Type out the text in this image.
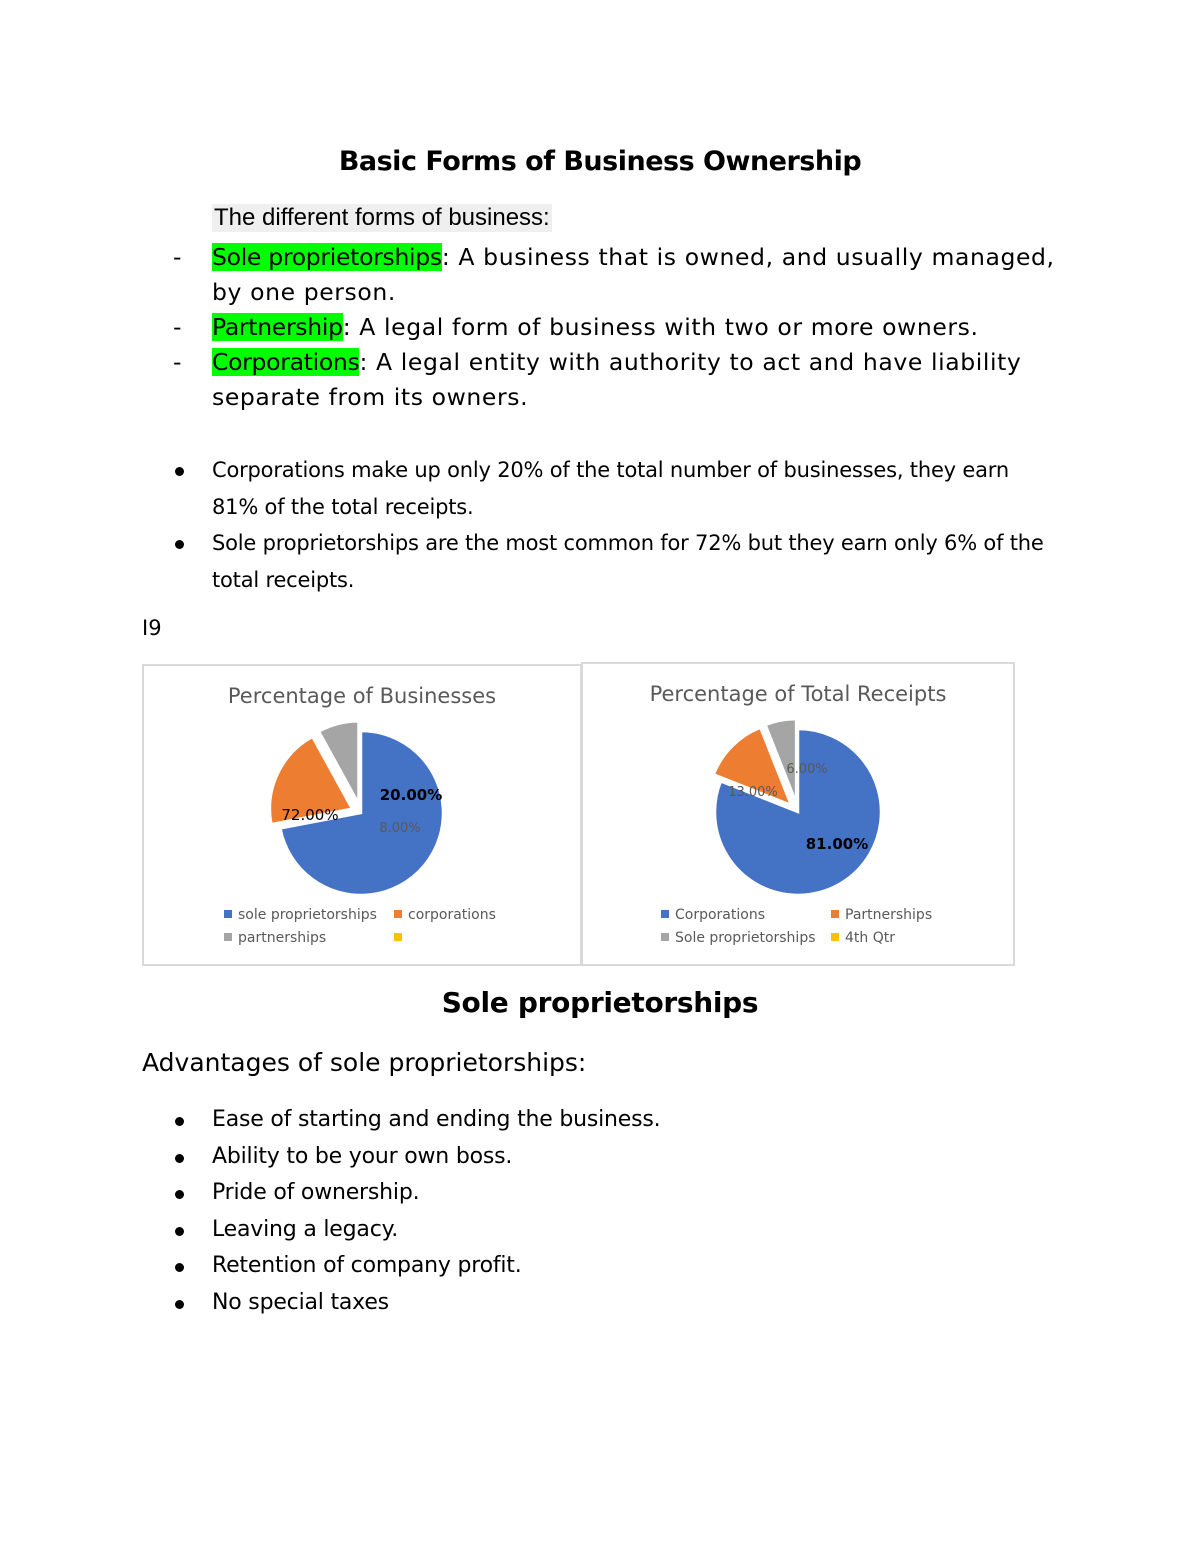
Basic Forms of Business Ownership
The different forms of business:
- Sole proprietorships: A business that is owned, and usually managed, by one person.
- Partnership: A legal form of business with two or more owners.
- Corporations: A legal entity with authority to act and have liability separate from its owners.
Corporations make up only 20% of the total number of businesses, they earn 81% of the total receipts.
Sole proprietorships are the most common for 72% but they earn only 6% of the total receipts.
I9
Percentage of Businesses
72.00%
20.00%
8.00%
sole proprietorships	corporations
partnerships
Percentage of Total Receipts
81.00%
13.00%
6.00%
Corporations	Partnerships
Sole proprietorships	4th Qtr
Sole proprietorships
Advantages of sole proprietorships:
Ease of starting and ending the business.
Ability to be your own boss.
Pride of ownership.
Leaving a legacy.
Retention of company profit.
No special taxes
